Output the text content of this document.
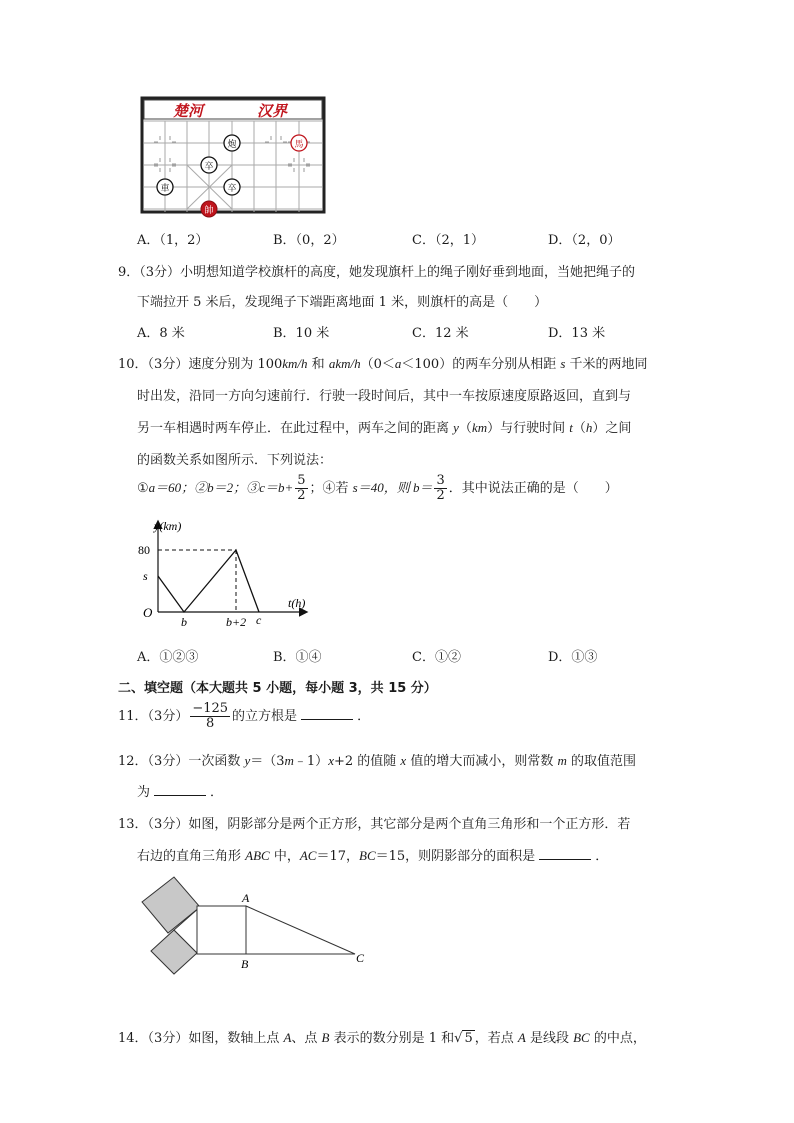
楚河	汉界
炮	馬
卒
車	卒
帥
A．（1，2）	B．（0，2）	C．（2，1）	D．（2，0）
9．（3分）小明想知道学校旗杆的高度，她发现旗杆上的绳子刚好垂到地面，当她把绳子的
下端拉开 5 米后，发现绳子下端距离地面 1 米，则旗杆的高是（　　）
A．8 米	B．10 米	C．12 米	D．13 米
10．（3分）速度分别为 100km/h 和 akm/h（0＜a＜100）的两车分别从相距 s 千米的两地同
时出发，沿同一方向匀速前行．行驶一段时间后，其中一车按原速度原路返回，直到与
另一车相遇时两车停止．在此过程中，两车之间的距离 y（km）与行驶时间 t（h）之间
的函数关系如图所示．下列说法：
①a＝60；②b＝2；③c＝b+ $\frac{5}{2}$ ；④若 s＝40，则 $b= \frac{3}{2}$ ．其中说法正确的是（　　）
y(km)
t(h)
O
80
s
b	b+2 c
A．①②③	B．①④	C．①②	D．①③
二、填空题（本大题共 5 小题，每小题 3，共 15 分）
11．（3分） $\frac{-125}{8}$ 的立方根是	．
12．（3分）一次函数 y＝（3m﹣1）x+2 的值随 x 值的增大而减小，则常数 m 的取值范围
为	．
13．（3分）如图，阴影部分是两个正方形，其它部分是两个直角三角形和一个正方形．若
右边的直角三角形 ABC 中，AC＝17，BC＝15，则阴影部分的面积是	．
A
B	C
14．（3分）如图，数轴上点 A、点 B 表示的数分别是 1 和√ 5 ，若点 A 是线段 BC 的中点，
